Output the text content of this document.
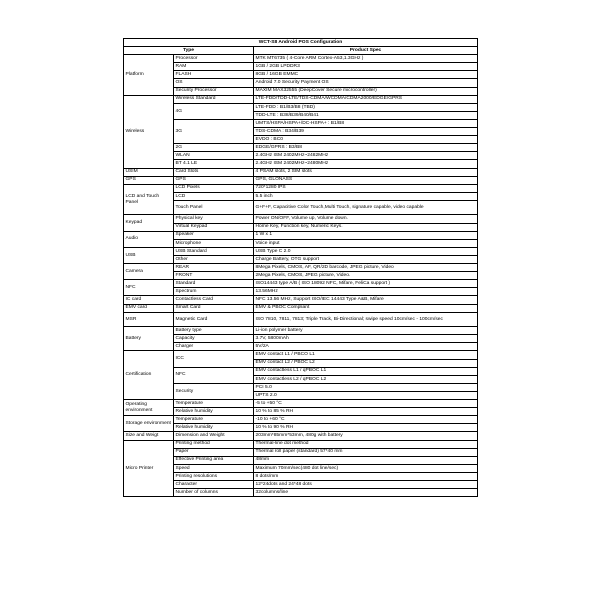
WCT-S8 Android POS Configuration		
Type		Product Spec
Platform	Processor	MTK MT6735 ( 4-Core ARM Cortex-A53,1.3GHz )
	RAM	1GB / 2GB LPDDR3
	FLASH	8GB / 16GB EMMC
	OS	Android 7.0 Security Payment OS
	Security Processor	MAXIM MAX32555 (DeepCover Secure microcontroller)
Wireless	Wireless Standard	LTE-FDD/TDD-LTE/TDS-CDMA/WCDMA/CDMA2000/EDGE/GPRS
	4G	LTE-FDD : B1/B3/B8 (TBD)
		TDD-LTE : B38/B39/B40/B41
	3G	UMTS/HSPA/HSPA+/DC-HSPA+ : B1/B8
		TDS-CDMA : B34/B39
		EVDO : BC0
	2G	EDGE/GPRS : B3/B8
	WLAN	2.4GHz ISM 2402MHz~2482MHz
	BT 4.1 LE	2.4GHz ISM 2402MHz~2480MHz
USIM	Card Slots	4 PSAM slots, 2 SIM slots
GPS	GPS	GPS, GLONASS
LCD and Touch Panel	LCD Pixels	720*1280 IPS
	LCD	5.5 inch
	Touch Panel	G+F+F, Capacitive Color Touch,Multi Touch, signature capable, video capable
Keypad	Physical key	Power ON/OFF, Volume up, Volume down.
	Virtual Keypad	Home Key, Function key, Numeric Keys.
Audio	Speaker	1 W x 1
	Microphone	Voice input
USB	USB Standard	USB Type C 2.0
	Other	Charge Battery, OTG support
Camera	REAR	8Mega Pixels, CMOS, AF, QR/2D barcode, JPEG picture, Video
	FRONT	2Mega Pixels, CMOS, JPEG picture, Video.
NFC	Standard	ISO14443 type A/B ( ISO 18092 NFC, Mifare, FeliCa support )
	Spectrum	13.56MHz
IC card	Contactless Card	NFC 13.56 MHz, Support ISO/IEC 14443 Type A&B, Mifare
EMV card	Smart Card	EMV & PBOC Compliant
MSR	Magnetic Card	ISO 7810, 7811, 7813; Triple Track, Bi-Directional; swipe speed 10cm/sec - 100cm/sec
Battery	Battery type	Li-ion polymer battery
	Capacity	3.7V, 5800mAh
	Charger	5V/2A
Certification	ICC	EMV contact L1 / PBCO L1
		EMV contact L2 / PBOC L2
	NFC	EMV contactless L1 / qPBOC L1
		EMV contactless L2 / qPBOC L2
	Security	PCI 5.0
		UPTS 2.0
Operating environment	Temperature	-5 to +50 °C
	Relative humidity	10 % to 85 % RH
Storage environment	Temperature	-10 to +60 °C
	Relative humidity	10 % to 90 % RH
Size and Weigt	Dimension and Weight	203mm*85mm*53mm, 480g with battery
Micro Printer	Printing method	Thermal-line dot method
	Paper	Thermal roll paper (standard) 57*40 mm
	Effective Printing area	48mm
	Speed	Maximum 70mm/sec(480 dot line/sec)
	Printing resolutions	8 dots/mm
	Character	12*24dots and 24*48 dots
	Number of columns	32columns/line
